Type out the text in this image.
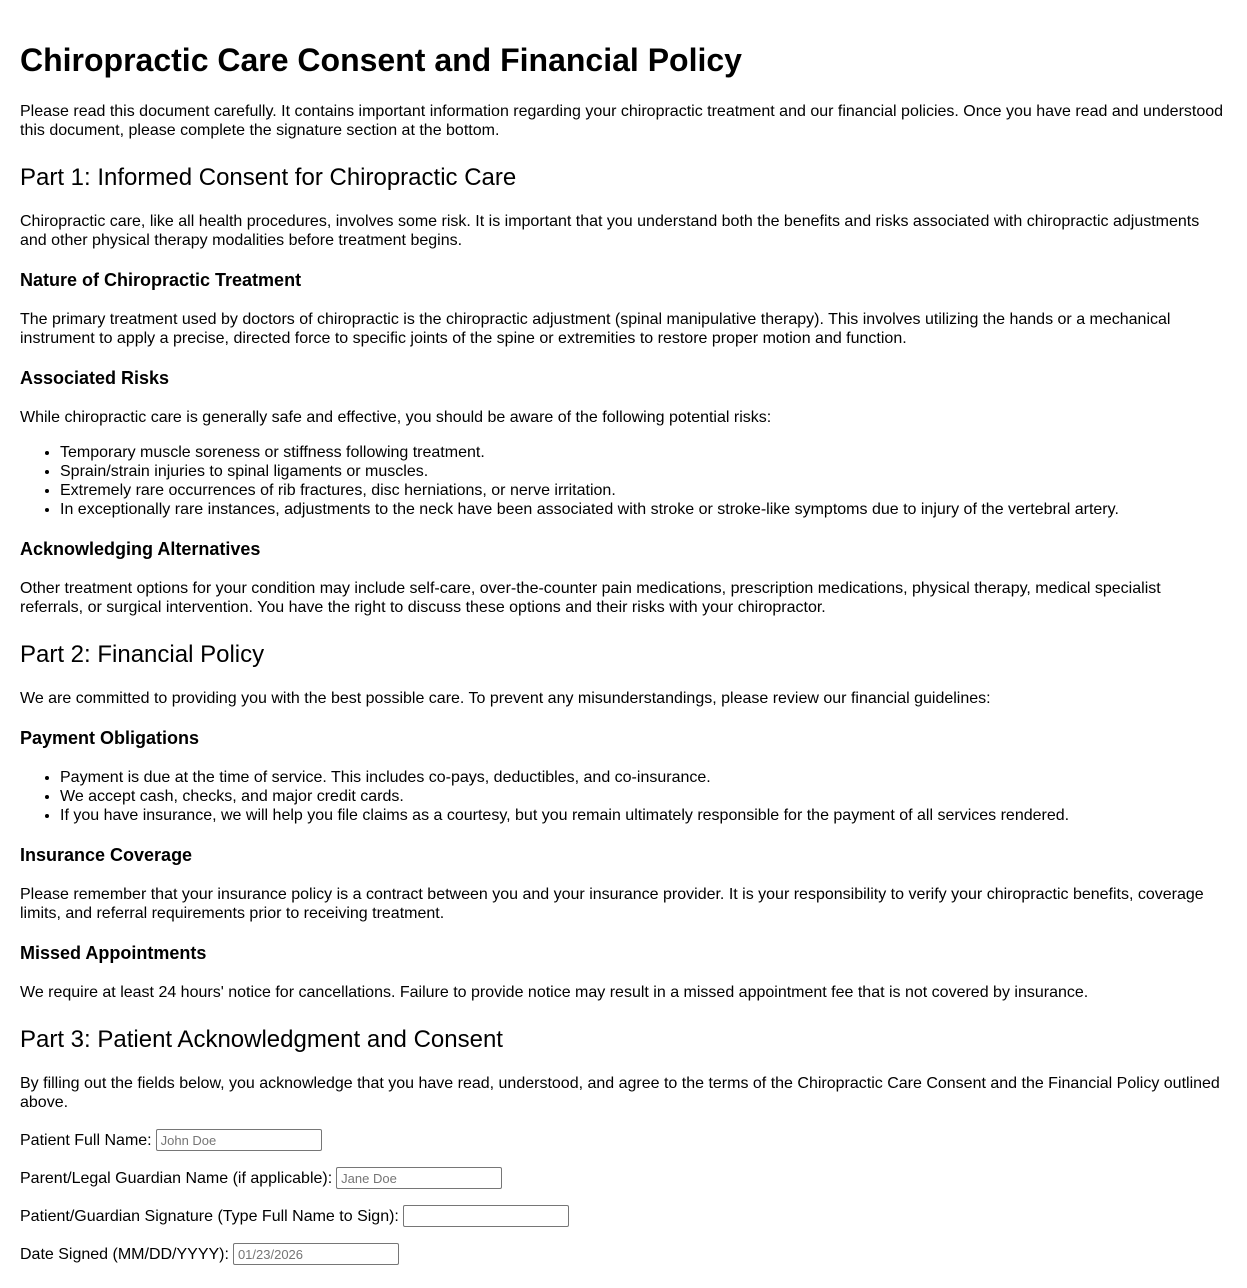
Chiropractic Care Consent and Financial Policy

Please read this document carefully. It contains important information regarding your chiropractic treatment and our financial policies. Once you have read and understood this document, please complete the signature section at the bottom.

Part 1: Informed Consent for Chiropractic Care

Chiropractic care, like all health procedures, involves some risk. It is important that you understand both the benefits and risks associated with chiropractic adjustments and other physical therapy modalities before treatment begins.

Nature of Chiropractic Treatment

The primary treatment used by doctors of chiropractic is the chiropractic adjustment (spinal manipulative therapy). This involves utilizing the hands or a mechanical instrument to apply a precise, directed force to specific joints of the spine or extremities to restore proper motion and function.

Associated Risks

While chiropractic care is generally safe and effective, you should be aware of the following potential risks:

• Temporary muscle soreness or stiffness following treatment.
• Sprain/strain injuries to spinal ligaments or muscles.
• Extremely rare occurrences of rib fractures, disc herniations, or nerve irritation.
• In exceptionally rare instances, adjustments to the neck have been associated with stroke or stroke-like symptoms due to injury of the vertebral artery.
Acknowledging Alternatives

Other treatment options for your condition may include self-care, over-the-counter pain medications, prescription medications, physical therapy, medical specialist referrals, or surgical intervention. You have the right to discuss these options and their risks with your chiropractor.

Part 2: Financial Policy

We are committed to providing you with the best possible care. To prevent any misunderstandings, please review our financial guidelines:

Payment Obligations
• Payment is due at the time of service. This includes co-pays, deductibles, and co-insurance.
• We accept cash, checks, and major credit cards.
• If you have insurance, we will help you file claims as a courtesy, but you remain ultimately responsible for the payment of all services rendered.
Insurance Coverage

Please remember that your insurance policy is a contract between you and your insurance provider. It is your responsibility to verify your chiropractic benefits, coverage limits, and referral requirements prior to receiving treatment.

Missed Appointments

We require at least 24 hours' notice for cancellations. Failure to provide notice may result in a missed appointment fee that is not covered by insurance.

Part 3: Patient Acknowledgment and Consent

By filling out the fields below, you acknowledge that you have read, understood, and agree to the terms of the Chiropractic Care Consent and the Financial Policy outlined above.

Patient Full Name:
John Doe
Parent/Legal Guardian Name (if applicable):
Jane Doe
Patient/Guardian Signature (Type Full Name to Sign):
Date Signed (MM/DD/YYYY):
01/23/2026
